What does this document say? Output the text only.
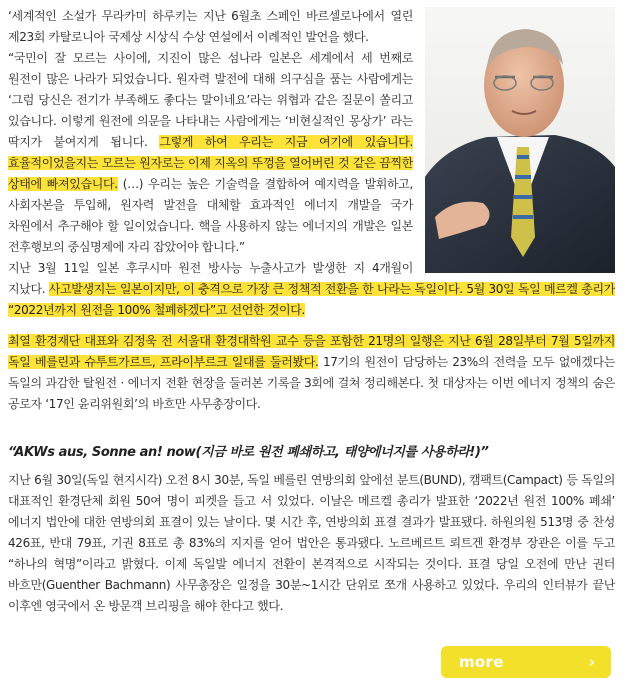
‘세계적인 소설가 무라카미 하루키는 지난 6월초 스페인 바르셀로나에서 열린 제23회 카탈로니아 국제상 시상식 수상 연설에서 이례적인 발언을 했다.

“국민이 잘 모르는 사이에, 지진이 많은 섬나라 일본은 세계에서 세 번째로 원전이 많은 나라가 되었습니다. 원자력 발전에 대해 의구심을 품는 사람에게는 ‘그럼 당신은 전기가 부족해도 좋다는 말이네요’라는 위협과 같은 질문이 쏠리고 있습니다. 이렇게 원전에 의문을 나타내는 사람에게는 ‘비현실적인 몽상가’ 라는 딱지가 붙여지게 됩니다. 그렇게 하여 우리는 지금 여기에 있습니다. 효율적이었을지는 모르는 원자로는 이제 지옥의 뚜껑을 열어버린 것 같은 끔찍한 상태에 빠져있습니다. (…) 우리는 높은 기술력을 결합하여 예지력을 발휘하고, 사회자본을 투입해, 원자력 발전을 대체할 효과적인 에너지 개발을 국가 차원에서 추구해야 할 일이었습니다. 핵을 사용하지 않는 에너지의 개발은 일본 전후행보의 중심명제에 자리 잡았어야 합니다.”

지난 3월 11일 일본 후쿠시마 원전 방사능 누출사고가 발생한 지 4개월이 지났다. 사고발생지는 일본이지만, 이 충격으로 가장 큰 정책적 전환을 한 나라는 독일이다. 5월 30일 독일 메르켈 총리가 “2022년까지 원전을 100% 철폐하겠다”고 선언한 것이다.

최열 환경재단 대표와 김정욱 전 서울대 환경대학원 교수 등을 포함한 21명의 일행은 지난 6월 28일부터 7월 5일까지 독일 베를린과 슈투트가르트, 프라이부르크 일대를 둘러봤다. 17기의 원전이 담당하는 23%의 전력을 모두 없애겠다는 독일의 과감한 탈원전 · 에너지 전환 현장을 둘러본 기록을 3회에 걸쳐 정리해본다. 첫 대상자는 이번 에너지 정책의 숨은 공로자 ‘17인 윤리위원회’의 바흐만 사무총장이다.

“AKWs aus, Sonne an! now(지금 바로 원전 폐쇄하고, 태양에너지를 사용하라!)”

지난 6월 30일(독일 현지시각) 오전 8시 30분, 독일 베를린 연방의회 앞에선 분트(BUND), 캠팩트(Campact) 등 독일의 대표적인 환경단체 회원 50여 명이 피켓을 들고 서 있었다. 이날은 메르켈 총리가 발표한 ‘2022년 원전 100% 폐쇄’ 에너지 법안에 대한 연방의회 표결이 있는 날이다. 몇 시간 후, 연방의회 표결 결과가 발표됐다. 하원의원 513명 중 찬성 426표, 반대 79표, 기권 8표로 총 83%의 지지를 얻어 법안은 통과됐다. 노르베르트 뢰트겐 환경부 장관은 이를 두고 “하나의 혁명”이라고 밝혔다. 이제 독일발 에너지 전환이 본격적으로 시작되는 것이다. 표결 당일 오전에 만난 권터 바흐만(Guenther Bachmann) 사무총장은 일정을 30분~1시간 단위로 쪼개 사용하고 있었다. 우리의 인터뷰가 끝난 이후엔 영국에서 온 방문객 브리핑을 해야 한다고 했다.

more	›
